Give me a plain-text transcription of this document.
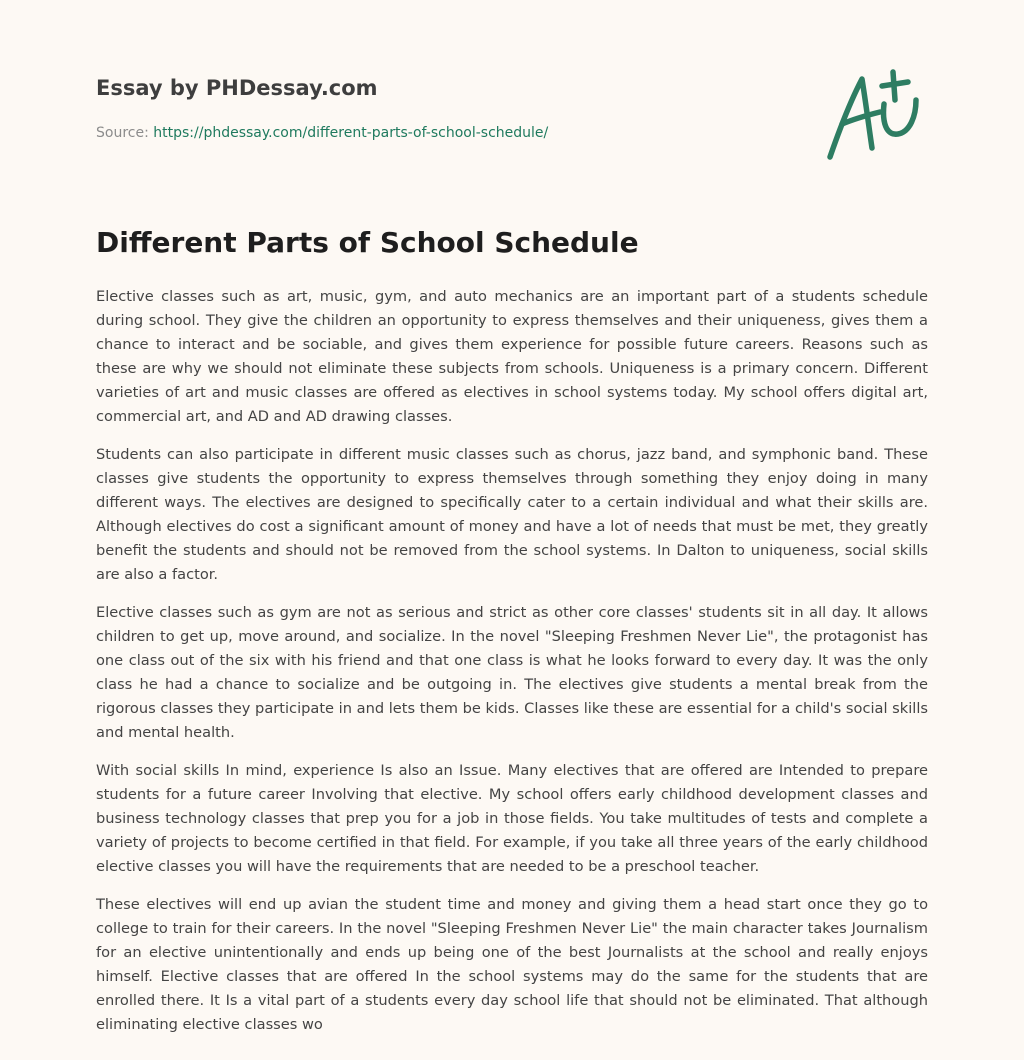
Essay by PHDessay.com
Source: https://phdessay.com/different-parts-of-school-schedule/
Different Parts of School Schedule

Elective classes such as art, music, gym, and auto mechanics are an important part of a students schedule during school. They give the children an opportunity to express themselves and their uniqueness, gives them a chance to interact and be sociable, and gives them experience for possible future careers. Reasons such as these are why we should not eliminate these subjects from schools. Uniqueness is a primary concern. Different varieties of art and music classes are offered as electives in school systems today. My school offers digital art, commercial art, and AD and AD drawing classes.

Students can also participate in different music classes such as chorus, jazz band, and symphonic band. These classes give students the opportunity to express themselves through something they enjoy doing in many different ways. The electives are designed to specifically cater to a certain individual and what their skills are. Although electives do cost a significant amount of money and have a lot of needs that must be met, they greatly benefit the students and should not be removed from the school systems. In Dalton to uniqueness, social skills are also a factor.

Elective classes such as gym are not as serious and strict as other core classes' students sit in all day. It allows children to get up, move around, and socialize. In the novel "Sleeping Freshmen Never Lie", the protagonist has one class out of the six with his friend and that one class is what he looks forward to every day. It was the only class he had a chance to socialize and be outgoing in. The electives give students a mental break from the rigorous classes they participate in and lets them be kids. Classes like these are essential for a child's social skills and mental health.

With social skills In mind, experience Is also an Issue. Many electives that are offered are Intended to prepare students for a future career Involving that elective. My school offers early childhood development classes and business technology classes that prep you for a job in those fields. You take multitudes of tests and complete a variety of projects to become certified in that field. For example, if you take all three years of the early childhood elective classes you will have the requirements that are needed to be a preschool teacher.

These electives will end up avian the student time and money and giving them a head start once they go to college to train for their careers. In the novel "Sleeping Freshmen Never Lie" the main character takes Journalism for an elective unintentionally and ends up being one of the best Journalists at the school and really enjoys himself. Elective classes that are offered In the school systems may do the same for the students that are enrolled there. It Is a vital part of a students every day school life that should not be eliminated. That although eliminating elective classes wo
